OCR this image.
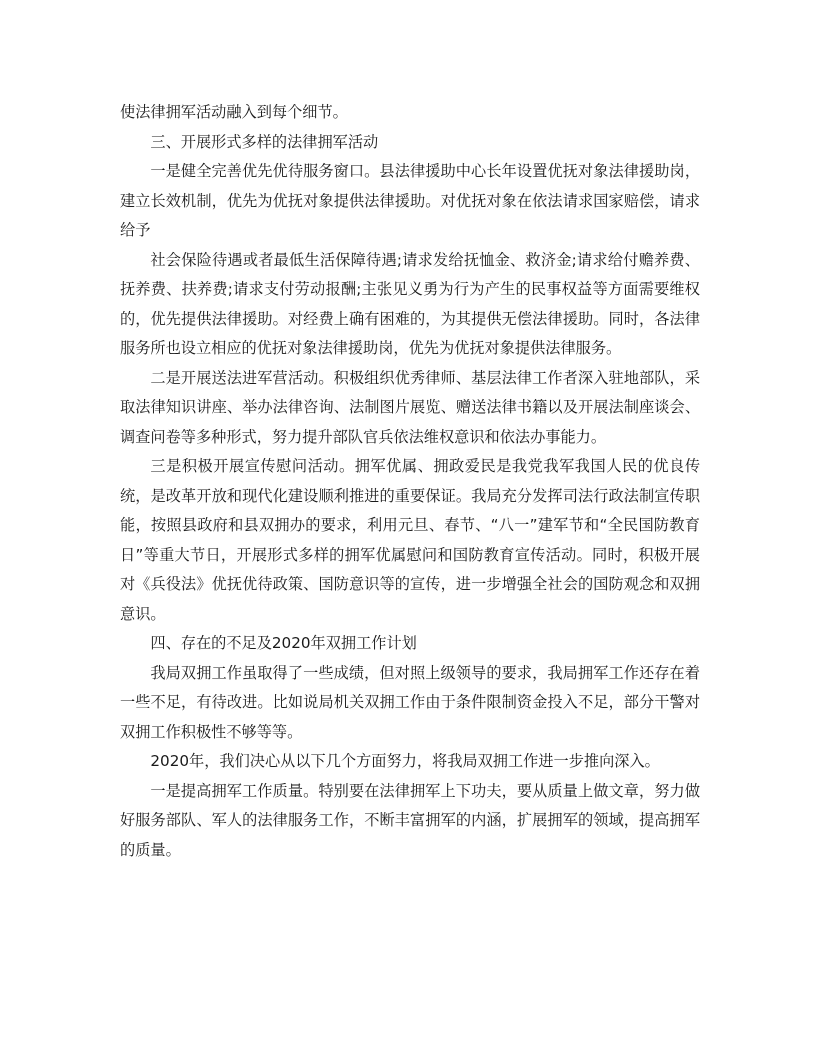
使法律拥军活动融入到每个细节。

三、开展形式多样的法律拥军活动

一是健全完善优先优待服务窗口。县法律援助中心长年设置优抚对象法律援助岗，建立长效机制，优先为优抚对象提供法律援助。对优抚对象在依法请求国家赔偿，请求给予

社会保险待遇或者最低生活保障待遇;请求发给抚恤金、救济金;请求给付赡养费、抚养费、扶养费;请求支付劳动报酬;主张见义勇为行为产生的民事权益等方面需要维权的，优先提供法律援助。对经费上确有困难的，为其提供无偿法律援助。同时，各法律服务所也设立相应的优抚对象法律援助岗，优先为优抚对象提供法律服务。

二是开展送法进军营活动。积极组织优秀律师、基层法律工作者深入驻地部队，采取法律知识讲座、举办法律咨询、法制图片展览、赠送法律书籍以及开展法制座谈会、调查问卷等多种形式，努力提升部队官兵依法维权意识和依法办事能力。

三是积极开展宣传慰问活动。拥军优属、拥政爱民是我党我军我国人民的优良传统，是改革开放和现代化建设顺利推进的重要保证。我局充分发挥司法行政法制宣传职能，按照县政府和县双拥办的要求，利用元旦、春节、“八一”建军节和“全民国防教育日”等重大节日，开展形式多样的拥军优属慰问和国防教育宣传活动。同时，积极开展对《兵役法》优抚优待政策、国防意识等的宣传，进一步增强全社会的国防观念和双拥意识。

四、存在的不足及2020年双拥工作计划

我局双拥工作虽取得了一些成绩，但对照上级领导的要求，我局拥军工作还存在着一些不足，有待改进。比如说局机关双拥工作由于条件限制资金投入不足，部分干警对双拥工作积极性不够等等。

2020年，我们决心从以下几个方面努力，将我局双拥工作进一步推向深入。

一是提高拥军工作质量。特别要在法律拥军上下功夫，要从质量上做文章，努力做好服务部队、军人的法律服务工作，不断丰富拥军的内涵，扩展拥军的领域，提高拥军的质量。
